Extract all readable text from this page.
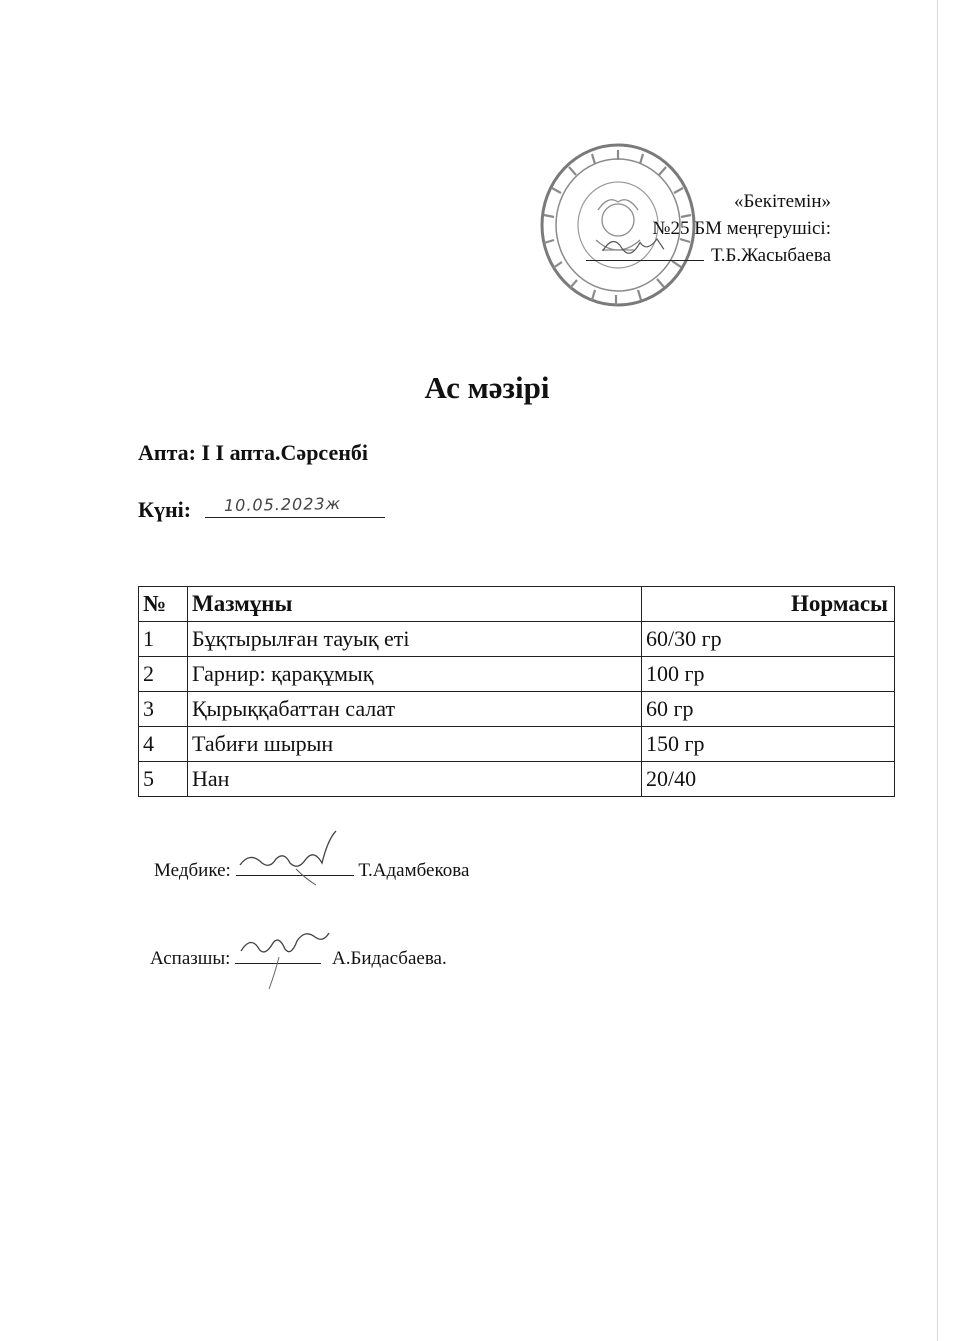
«Бекітемін»
№25 БМ меңгерушісі:
Т.Б.Жасыбаева
Ас мәзірі
Апта: I I апта.Сәрсенбі
Күні: 10.05.2023ж
№	Мазмұны	Нормасы
1	Бұқтырылған тауық еті	60/30 гр
2	Гарнир: қарақұмық	100 гр
3	Қырыққабаттан салат	60 гр
4	Табиғи шырын	150 гр
5	Нан	20/40
Медбике:	Т.Адамбекова
Аспазшы:	А.Бидасбаева.
